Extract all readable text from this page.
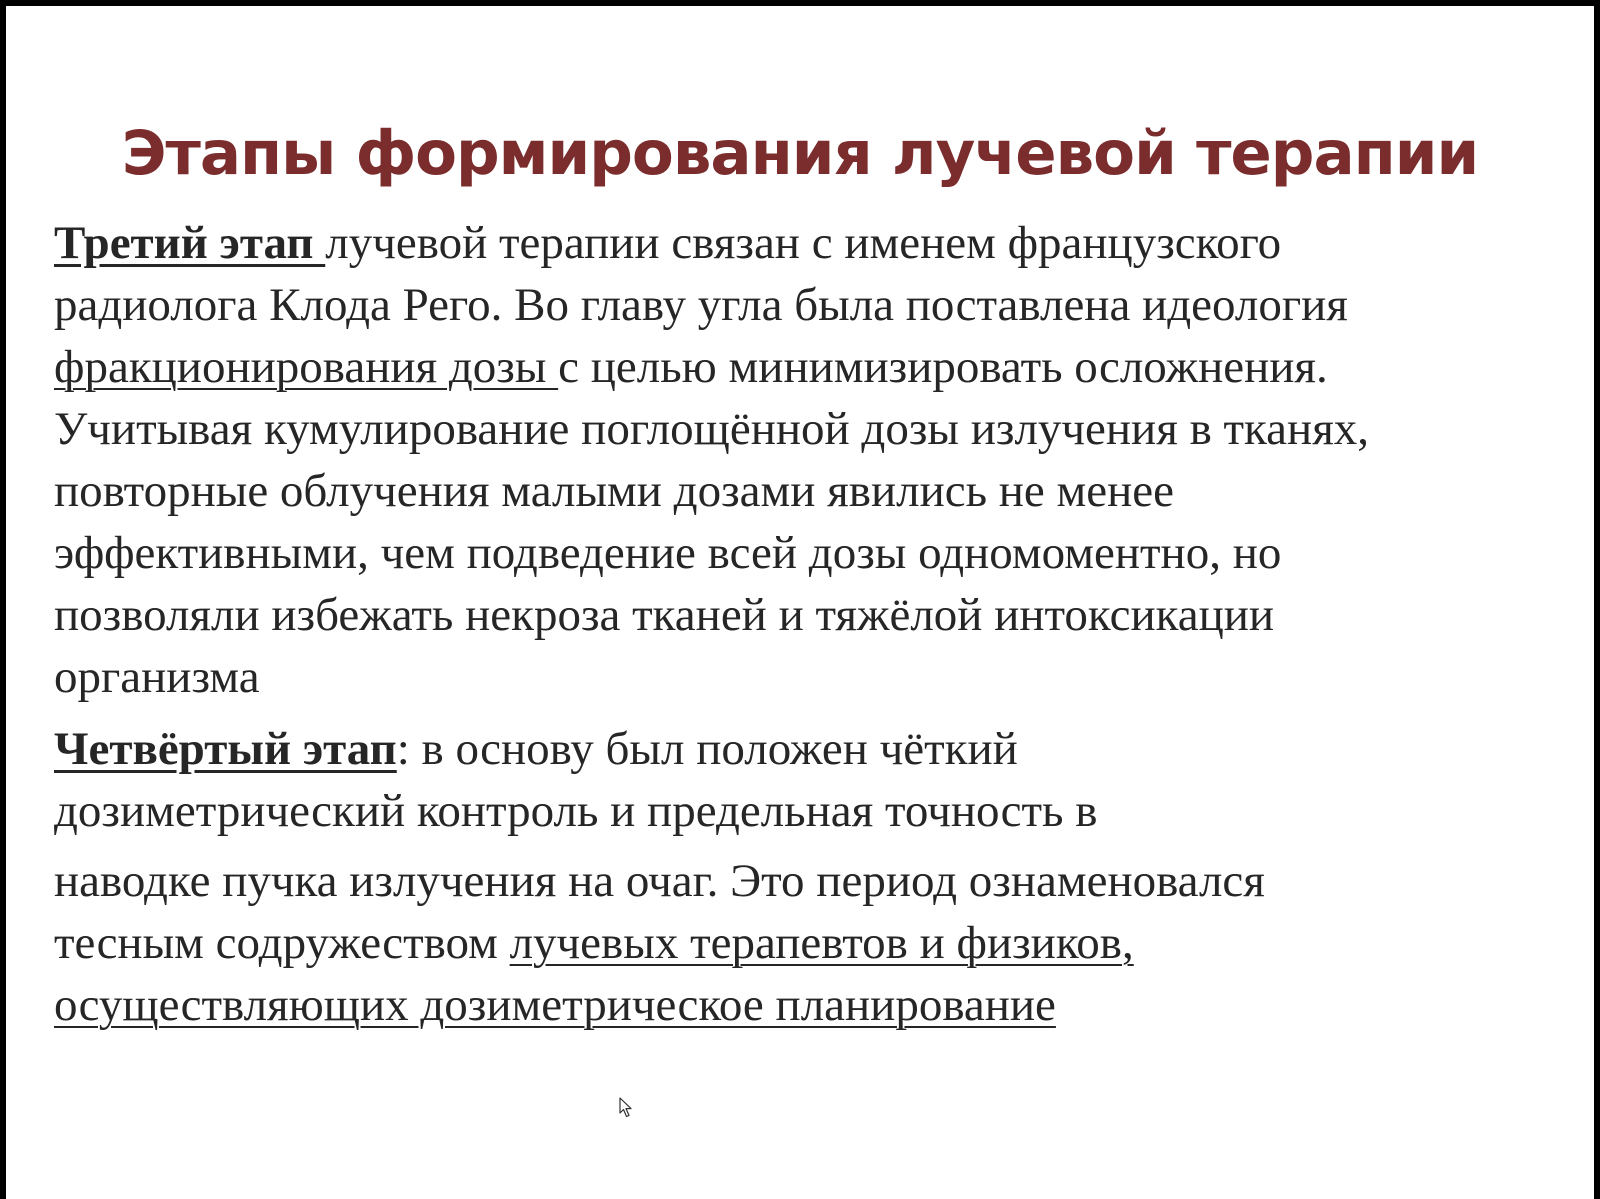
Этапы формирования лучевой терапии
Третий этап лучевой терапии связан с именем французского
радиолога Клода Рего. Во главу угла была поставлена идеология
фракционирования дозы с целью минимизировать осложнения.
Учитывая кумулирование поглощённой дозы излучения в тканях,
повторные облучения малыми дозами явились не менее
эффективными, чем подведение всей дозы одномоментно, но
позволяли избежать некроза тканей и тяжёлой интоксикации
организма
Четвёртый этап: в основу был положен чёткий
дозиметрический контроль и предельная точность в
наводке пучка излучения на очаг. Это период ознаменовался
тесным содружеством лучевых терапевтов и физиков,
осуществляющих дозиметрическое планирование
